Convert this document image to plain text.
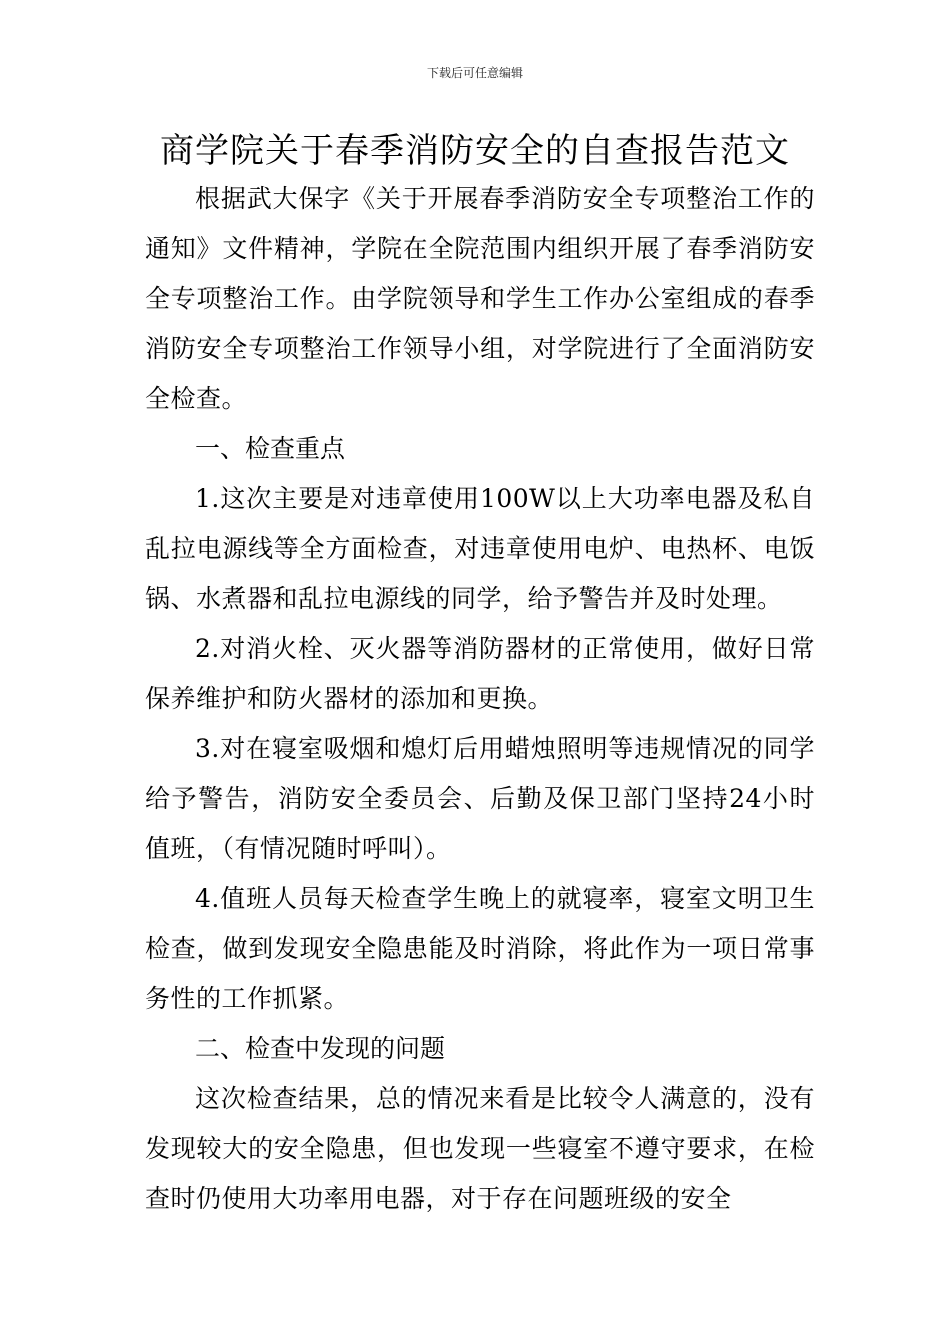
下载后可任意编辑
商学院关于春季消防安全的自查报告范文

根据武大保字《关于开展春季消防安全专项整治工作的通知》文件精神，学院在全院范围内组织开展了春季消防安全专项整治工作。由学院领导和学生工作办公室组成的春季消防安全专项整治工作领导小组，对学院进行了全面消防安全检查。

一、检查重点

1.这次主要是对违章使用100W以上大功率电器及私自乱拉电源线等全方面检查，对违章使用电炉、电热杯、电饭锅、水煮器和乱拉电源线的同学，给予警告并及时处理。

2.对消火栓、灭火器等消防器材的正常使用，做好日常保养维护和防火器材的添加和更换。

3.对在寝室吸烟和熄灯后用蜡烛照明等违规情况的同学给予警告，消防安全委员会、后勤及保卫部门坚持24小时值班，（有情况随时呼叫）。

4.值班人员每天检查学生晚上的就寝率，寝室文明卫生检查，做到发现安全隐患能及时消除，将此作为一项日常事务性的工作抓紧。

二、检查中发现的问题

这次检查结果，总的情况来看是比较令人满意的，没有发现较大的安全隐患，但也发现一些寝室不遵守要求，在检查时仍使用大功率用电器，对于存在问题班级的安全
